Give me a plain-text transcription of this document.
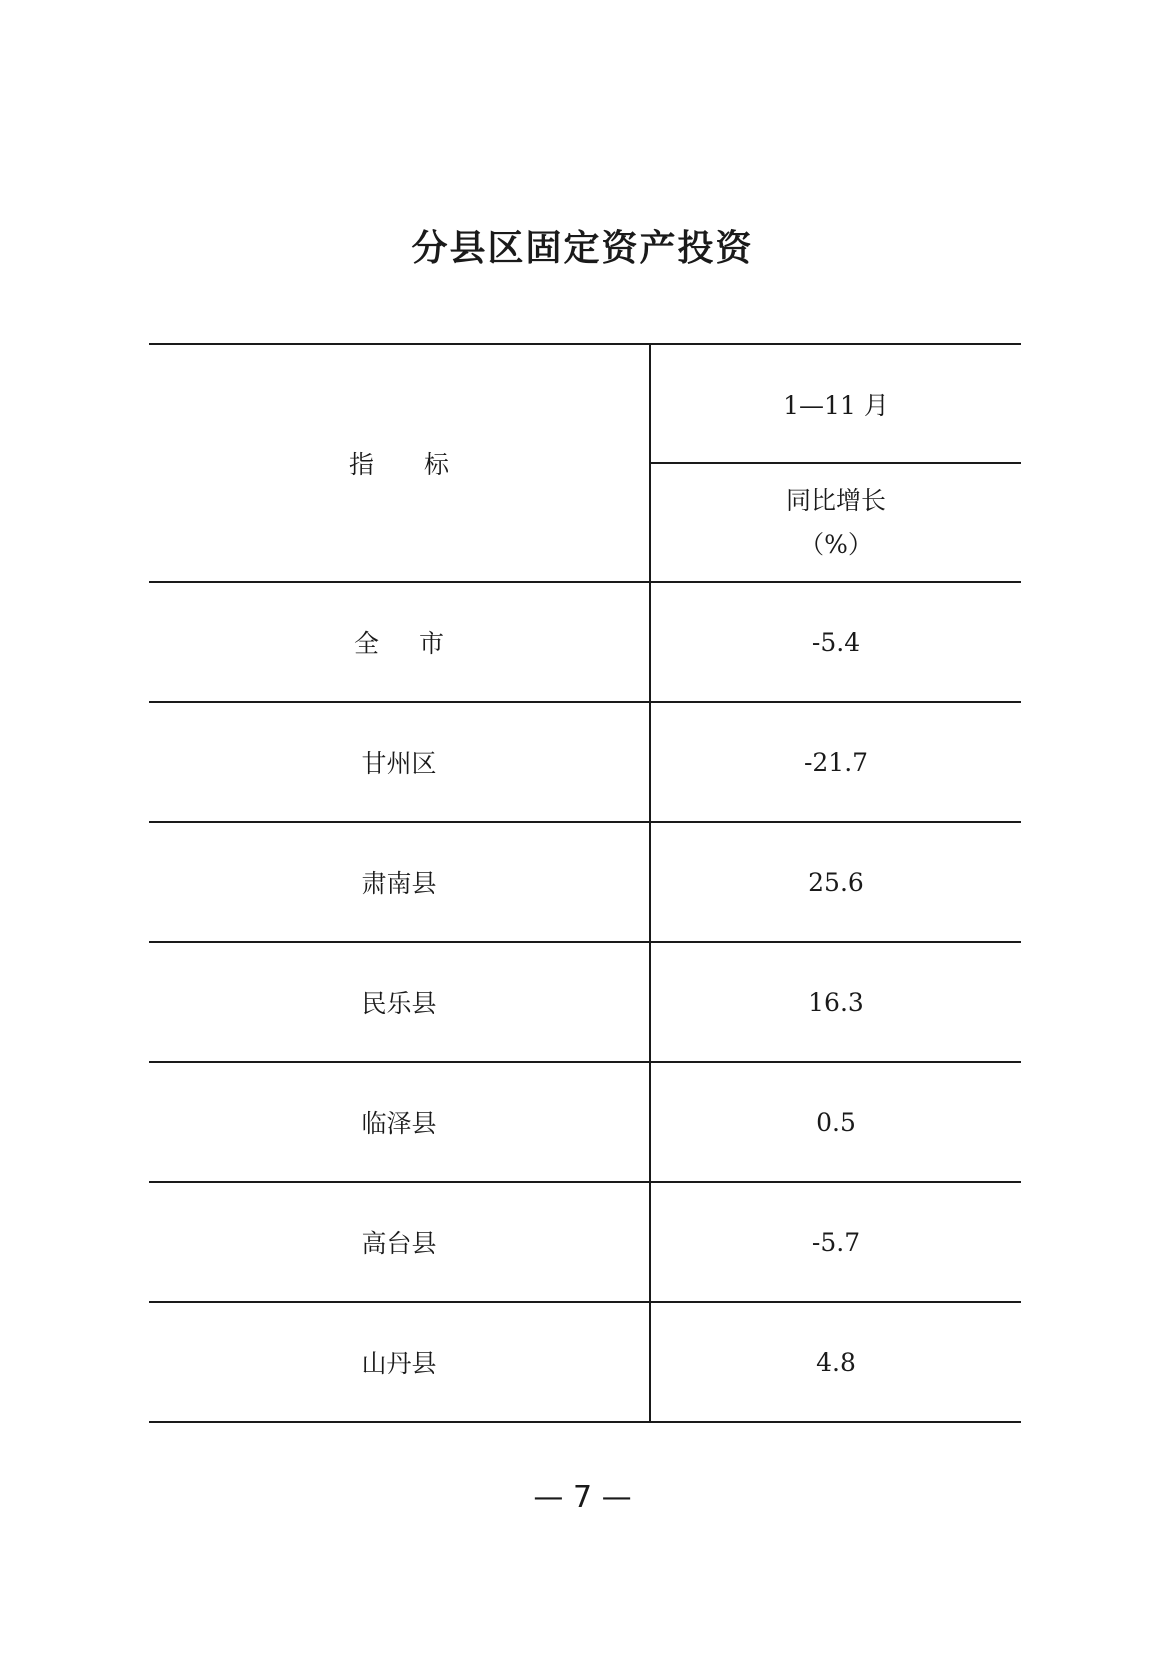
分县区固定资产投资
指标	1—11 月

	同比增长
（%）

全市	-5.4
甘州区	-21.7
肃南县	25.6
民乐县	16.3
临泽县	0.5
高台县	-5.7
山丹县	4.8
— 7 —
